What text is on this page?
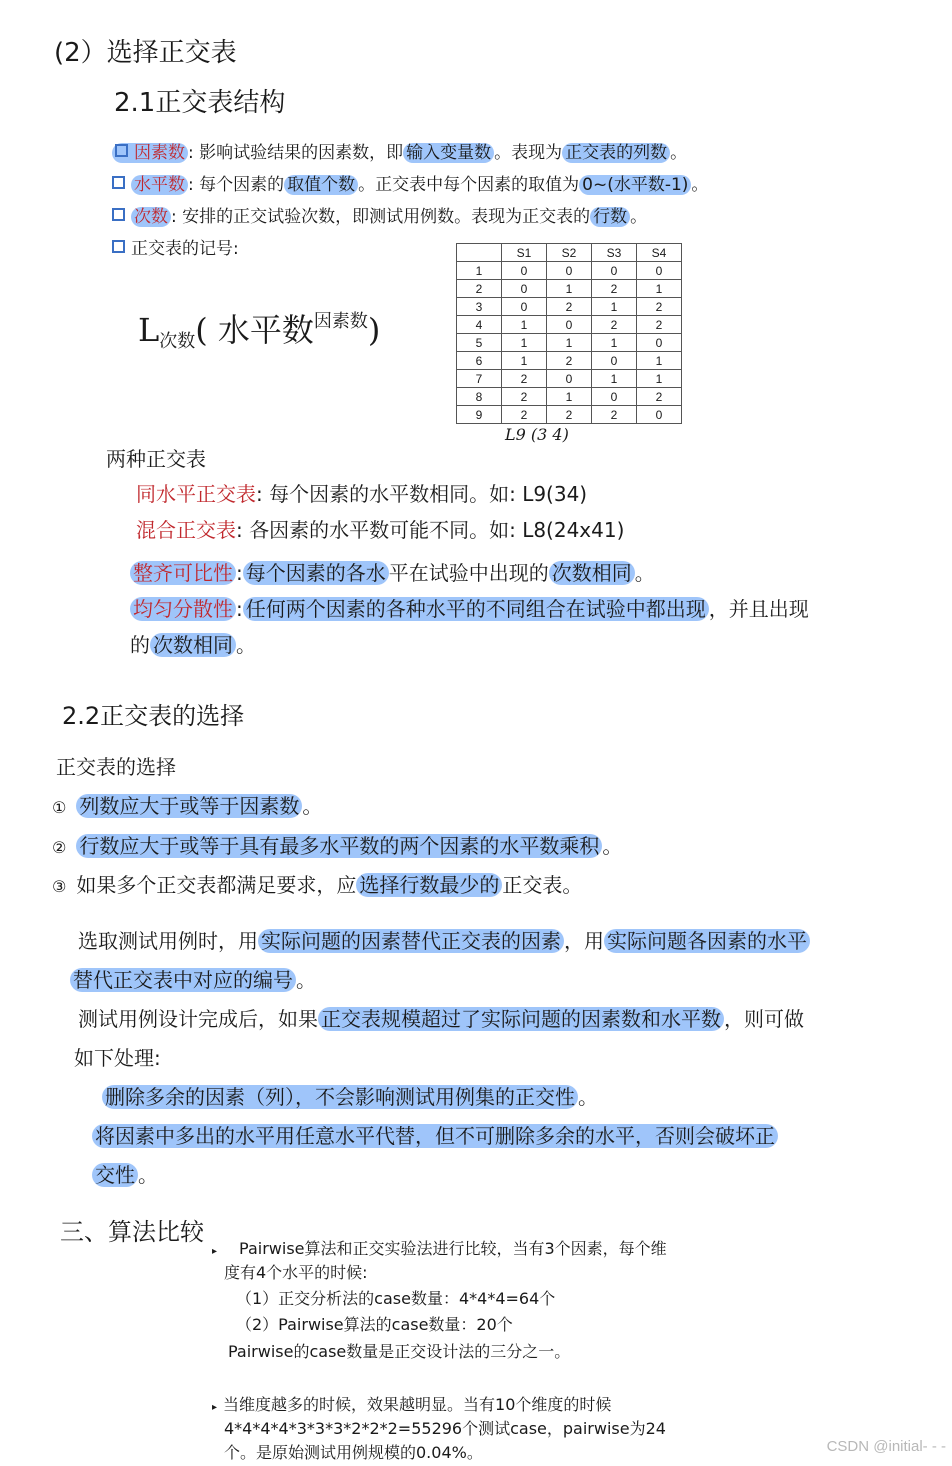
(2）选择正交表
2.1正交表结构
因素数 : 影响试验结果的因素数，即 输入变量数 。表现为 正交表的列数 。
水平数 : 每个因素的 取值个数 。正交表中每个因素的取值为 0~(水平数-1) 。
次数 : 安排的正交试验次数，即测试用例数。表现为正交表的 行数 。
正交表的记号:
$L_{次数}$( 水平数$^{因素数}$)
	S1	S2	S3	S4
1	0	0	0	0
2	0	1	2	1
3	0	2	1	2
4	1	0	2	2
5	1	1	1	0
6	1	2	0	1
7	2	0	1	1
8	2	1	0	2
9	2	2	2	0
L9 (3 4)
两种正交表
同水平正交表: 每个因素的水平数相同。如: L9(34)
混合正交表: 各因素的水平数可能不同。如: L8(24x41)
整齐可比性 : 每个因素的各水 平在试验中出现的 次数相同 。
均匀分散性 : 任何两个因素的各种水平的不同组合在试验中都出现 ，并且出现
的 次数相同 。
2.2正交表的选择
正交表的选择
① 列数应大于或等于因素数 。
② 行数应大于或等于具有最多水平数的两个因素的水平数乘积 。
③ 如果多个正交表都满足要求，应 选择行数最少的 正交表。
选取测试用例时，用 实际问题的因素替代正交表的因素 ，用 实际问题各因素的水平
替代正交表中对应的编号 。
测试用例设计完成后，如果 正交表规模超过了实际问题的因素数和水平数 ，则可做
如下处理:
删除多余的因素（列），不会影响测试用例集的正交性 。
将因素中多出的水平用任意水平代替，但不可删除多余的水平，否则会破坏正
交性 。
三、算法比较
▸ Pairwise算法和正交实验法进行比较，当有3个因素，每个维
度有4个水平的时候:
（1）正交分析法的case数量：4*4*4=64个
（2）Pairwise算法的case数量：20个
Pairwise的case数量是正交设计法的三分之一。
▸ 当维度越多的时候，效果越明显。当有10个维度的时候
4*4*4*4*3*3*3*2*2*2=55296个测试case，pairwise为24
个。是原始测试用例规模的0.04%。	CSDN @initial- - -
